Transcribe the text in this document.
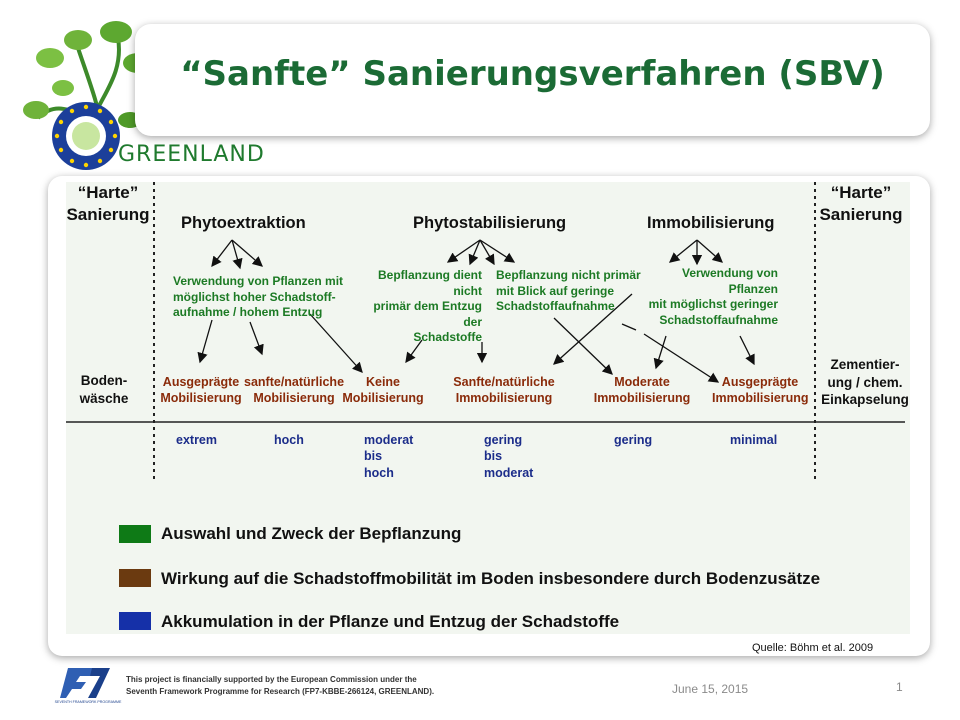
GREENLAND
“Sanfte” Sanierungsverfahren (SBV)
“Harte”
Sanierung
“Harte”
Sanierung
Boden-
wäsche
Zementier-
ung / chem.
Einkapselung
Phytoextraktion	Phytostabilisierung	Immobilisierung
Verwendung von Pflanzen mit
möglichst hoher Schadstoff-
aufnahme / hohem Entzug
Bepflanzung dient nicht
primär dem Entzug der
Schadstoffe
Bepflanzung nicht primär
mit Blick auf geringe
Schadstoffaufnahme
Verwendung von Pflanzen
mit möglichst geringer
Schadstoffaufnahme
Ausgeprägte
Mobilisierung
sanfte/natürliche
Mobilisierung
Keine
Mobilisierung
Sanfte/natürliche
Immobilisierung
Moderate
Immobilisierung
Ausgeprägte
Immobilisierung
extrem	hoch	moderat
bis
hoch
gering
bis
moderat
gering	minimal
Auswahl und Zweck der Bepflanzung
Wirkung auf die Schadstoffmobilität im Boden insbesondere durch Bodenzusätze
Akkumulation in der Pflanze und Entzug der Schadstoffe
Quelle: Böhm et al. 2009
SEVENTH FRAMEWORK PROGRAMME
This project is financially supported by the European Commission under the
Seventh Framework Programme for Research (FP7-KBBE-266124, GREENLAND).	June 15, 2015	1
